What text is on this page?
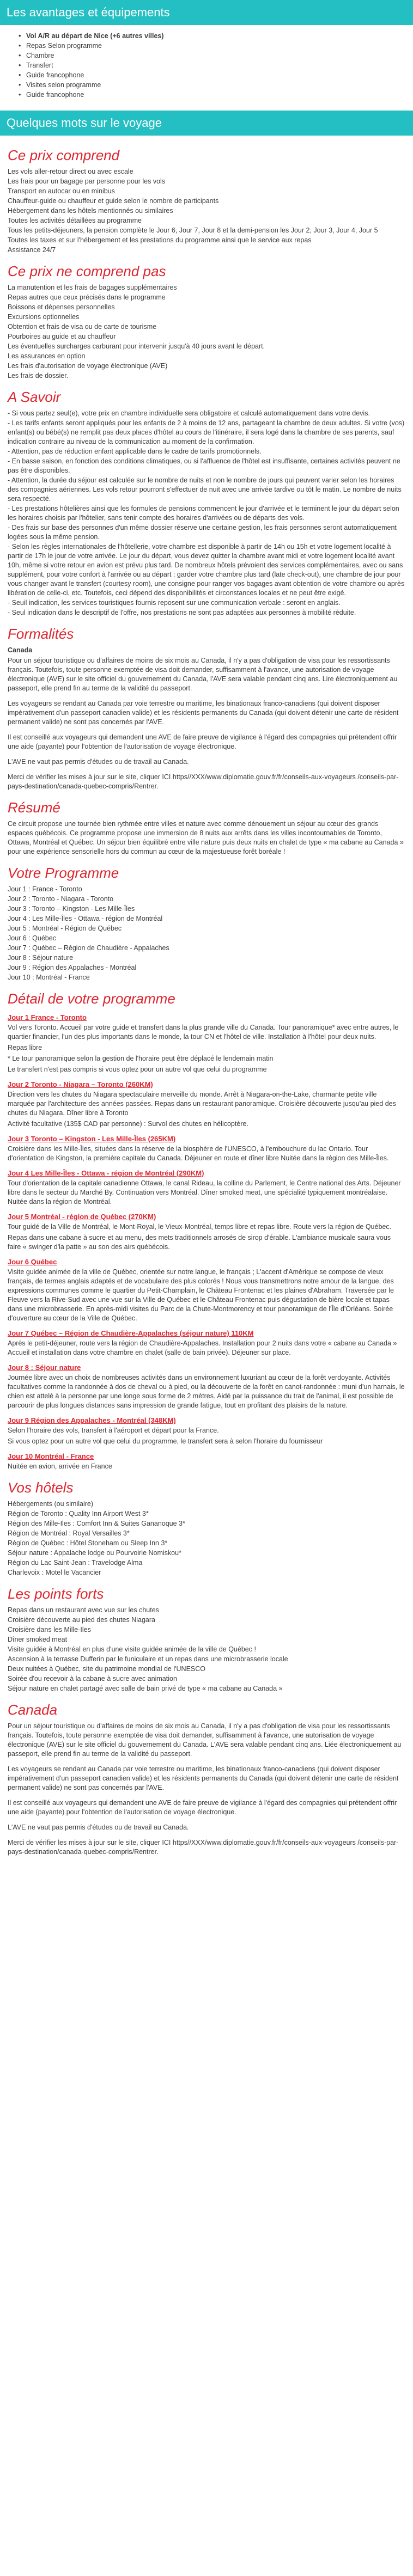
Les avantages et équipements
• Vol A/R au départ de Nice (+6 autres villes)
• Repas Selon programme
• Chambre
• Transfert
• Guide francophone
• Visites selon programme
• Guide francophone
Quelques mots sur le voyage
Ce prix comprend
Les vols aller-retour direct ou avec escale
Les frais pour un bagage par personne pour les vols
Transport en autocar ou en minibus
Chauffeur-guide ou chauffeur et guide selon le nombre de participants
Hébergement dans les hôtels mentionnés ou similaires
Toutes les activités détaillées au programme
Tous les petits-déjeuners, la pension complète le Jour 6, Jour 7, Jour 8 et la demi-pension les Jour 2, Jour 3, Jour 4, Jour 5
Toutes les taxes et sur l'hébergement et les prestations du programme ainsi que le service aux repas
Assistance 24/7
Ce prix ne comprend pas
La manutention et les frais de bagages supplémentaires
Repas autres que ceux précisés dans le programme
Boissons et dépenses personnelles
Excursions optionnelles
Obtention et frais de visa ou de carte de tourisme
Pourboires au guide et au chauffeur
Les éventuelles surcharges carburant pour intervenir jusqu'à 40 jours avant le départ.
Les assurances en option
Les frais d'autorisation de voyage électronique (AVE)
Les frais de dossier.
A Savoir
- Si vous partez seul(e), votre prix en chambre individuelle sera obligatoire et calculé automatiquement dans votre devis.
- Les tarifs enfants seront appliqués pour les enfants de 2 à moins de 12 ans, partageant la chambre de deux adultes. Si votre (vos) enfant(s) ou bébé(s) ne remplit pas deux places d'hôtel au cours de l'itinéraire, il sera logé dans la chambre de ses parents, sauf indication contraire au niveau de la communication au moment de la confirmation.
- Attention, pas de réduction enfant applicable dans le cadre de tarifs promotionnels.
- En basse saison, en fonction des conditions climatiques, ou si l'affluence de l'hôtel est insuffisante, certaines activités peuvent ne pas être disponibles.
- Attention, la durée du séjour est calculée sur le nombre de nuits et non le nombre de jours qui peuvent varier selon les horaires des compagnies aériennes. Les vols retour pourront s'effectuer de nuit avec une arrivée tardive ou tôt le matin. Le nombre de nuits sera respecté.
- Les prestations hôtelières ainsi que les formules de pensions commencent le jour d'arrivée et le terminent le jour du départ selon les horaires choisis par l'hôtelier, sans tenir compte des horaires d'arrivées ou de départs des vols.
- Des frais sur base des personnes d'un même dossier réserve une certaine gestion, les frais personnes seront automatiquement logées sous la même pension.
- Selon les règles internationales de l'hôtellerie, votre chambre est disponible à partir de 14h ou 15h et votre logement localité à partir de 17h le jour de votre arrivée. Le jour du départ, vous devez quitter la chambre avant midi et votre logement localité avant 10h, même si votre retour en avion est prévu plus tard. De nombreux hôtels prévoient des services complémentaires, avec ou sans supplément, pour votre confort à l'arrivée ou au départ : garder votre chambre plus tard (late check-out), une chambre de jour pour vous changer avant le transfert (courtesy room), une consigne pour ranger vos bagages avant obtention de votre chambre ou après libération de celle-ci, etc. Toutefois, ceci dépend des disponibilités et circonstances locales et ne peut être exigé.
- Seuil indication, les services touristiques fournis reposent sur une communication verbale : seront en anglais.
- Seul indication dans le descriptif de l'offre, nos prestations ne sont pas adaptées aux personnes à mobilité réduite.
Formalités
Canada

Pour un séjour touristique ou d'affaires de moins de six mois au Canada, il n'y a pas d'obligation de visa pour les ressortissants français. Toutefois, toute personne exemptée de visa doit demander, suffisamment à l'avance, une autorisation de voyage électronique (AVE) sur le site officiel du gouvernement du Canada, l'AVE sera valable pendant cinq ans. Lire électroniquement au passeport, elle prend fin au terme de la validité du passeport.

Les voyageurs se rendant au Canada par voie terrestre ou maritime, les binationaux franco-canadiens (qui doivent disposer impérativement d'un passeport canadien valide) et les résidents permanents du Canada (qui doivent détenir une carte de résident permanent valide) ne sont pas concernés par l'AVE.

Il est conseillé aux voyageurs qui demandent une AVE de faire preuve de vigilance à l'égard des compagnies qui prétendent offrir une aide (payante) pour l'obtention de l'autorisation de voyage électronique.

L'AVE ne vaut pas permis d'études ou de travail au Canada.

Merci de vérifier les mises à jour sur le site, cliquer ICI https//XXX/www.diplomatie.gouv.fr/fr/conseils-aux-voyageurs /conseils-par-pays-destination/canada-quebec-compris/Rentrer.

Résumé

Ce circuit propose une tournée bien rythmée entre villes et nature avec comme dénouement un séjour au cœur des grands espaces québécois. Ce programme propose une immersion de 8 nuits aux arrêts dans les villes incontournables de Toronto, Ottawa, Montréal et Québec. Un séjour bien équilibré entre ville nature puis deux nuits en chalet de type « ma cabane au Canada » pour une expérience sensorielle hors du commun au cœur de la majestueuse forêt boréale !

Votre Programme
Jour 1 : France - Toronto
Jour 2 : Toronto - Niagara - Toronto
Jour 3 : Toronto – Kingston - Les Mille-Îles
Jour 4 : Les Mille-Îles - Ottawa - région de Montréal
Jour 5 : Montréal - Région de Québec
Jour 6 : Québec
Jour 7 : Québec – Région de Chaudière - Appalaches
Jour 8 : Séjour nature
Jour 9 : Région des Appalaches - Montréal
Jour 10 : Montréal - France
Détail de votre programme
Jour 1 France - Toronto

Vol vers Toronto. Accueil par votre guide et transfert dans la plus grande ville du Canada. Tour panoramique* avec entre autres, le quartier financier, l'un des plus importants dans le monde, la tour CN et l'hôtel de ville. Installation à l'hôtel pour deux nuits.

Repas libre

* Le tour panoramique selon la gestion de l'horaire peut être déplacé le lendemain matin

Le transfert n'est pas compris si vous optez pour un autre vol que celui du programme

Jour 2 Toronto - Niagara – Toronto (260KM)

Direction vers les chutes du Niagara spectaculaire merveille du monde. Arrêt à Niagara-on-the-Lake, charmante petite ville marquée par l'architecture des années passées. Repas dans un restaurant panoramique. Croisière découverte jusqu'au pied des chutes du Niagara. Dîner libre à Toronto

Activité facultative (135$ CAD par personne) : Survol des chutes en hélicoptère.

Jour 3 Toronto – Kingston - Les Mille-Îles (265KM)

Croisière dans les Mille-Îles, situées dans la réserve de la biosphère de l'UNESCO, à l'embouchure du lac Ontario. Tour d'orientation de Kingston, la première capitale du Canada. Déjeuner en route et dîner libre Nuitée dans la région des Mille-Îles.

Jour 4 Les Mille-Îles - Ottawa - région de Montréal (290KM)

Tour d'orientation de la capitale canadienne Ottawa, le canal Rideau, la colline du Parlement, le Centre national des Arts. Déjeuner libre dans le secteur du Marché By. Continuation vers Montréal. Dîner smoked meat, une spécialité typiquement montréalaise. Nuitée dans la région de Montréal.

Jour 5 Montréal - région de Québec (270KM)

Tour guidé de la Ville de Montréal, le Mont-Royal, le Vieux-Montréal, temps libre et repas libre. Route vers la région de Québec.

Repas dans une cabane à sucre et au menu, des mets traditionnels arrosés de sirop d'érable. L'ambiance musicale saura vous faire « swinger d'la patte » au son des airs québécois.

Jour 6 Québec

Visite guidée animée de la ville de Québec, orientée sur notre langue, le français ; L'accent d'Amérique se compose de vieux français, de termes anglais adaptés et de vocabulaire des plus colorés ! Nous vous transmettrons notre amour de la langue, des expressions communes comme le quartier du Petit-Champlain, le Château Frontenac et les plaines d'Abraham. Traversée par le Fleuve vers la Rive-Sud avec une vue sur la Ville de Québec et le Château Frontenac puis dégustation de bière locale et tapas dans une microbrasserie. En après-midi visites du Parc de la Chute-Montmorency et tour panoramique de l'Île d'Orléans. Soirée d'ouverture au cœur de la Ville de Québec.

Jour 7 Québec – Région de Chaudière-Appalaches (séjour nature) 110KM

Après le petit-déjeuner, route vers la région de Chaudière-Appalaches. Installation pour 2 nuits dans votre « cabane au Canada » Accueil et installation dans votre chambre en chalet (salle de bain privée). Déjeuner sur place.

Jour 8 : Séjour nature

Journée libre avec un choix de nombreuses activités dans un environnement luxuriant au cœur de la forêt verdoyante. Activités facultatives comme la randonnée à dos de cheval ou à pied, ou la découverte de la forêt en canot-randonnée : muni d'un harnais, le chien est attelé à la personne par une longe sous forme de 2 mètres. Aidé par la puissance du trait de l'animal, il est possible de parcourir de plus longues distances sans impression de grande fatigue, tout en profitant des plaisirs de la nature.

Jour 9 Région des Appalaches - Montréal (348KM)

Selon l'horaire des vols, transfert à l'aéroport et départ pour la France.

Si vous optez pour un autre vol que celui du programme, le transfert sera à selon l'horaire du fournisseur

Jour 10 Montréal - France

Nuitée en avion, arrivée en France

Vos hôtels
Hébergements (ou similaire)
Région de Toronto : Quality Inn Airport West 3*
Région des Mille-Iles : Comfort Inn & Suites Gananoque 3*
Région de Montréal : Royal Versailles 3*
Région de Québec : Hôtel Stoneham ou Sleep Inn 3*
Séjour nature : Appalache lodge ou Pourvoirie Nomiskou*
Région du Lac Saint-Jean : Travelodge Alma
Charlevoix : Motel le Vacancier
Les points forts
Repas dans un restaurant avec vue sur les chutes
Croisière découverte au pied des chutes Niagara
Croisière dans les Mille-Iles
Dîner smoked meat
Visite guidée à Montréal en plus d'une visite guidée animée de la ville de Québec !
Ascension à la terrasse Dufferin par le funiculaire et un repas dans une microbrasserie locale
Deux nuitées à Québec, site du patrimoine mondial de l'UNESCO
Soirée d'ou recevoir à la cabane à sucre avec animation
Séjour nature en chalet partagé avec salle de bain privé de type « ma cabane au Canada »
Canada

Pour un séjour touristique ou d'affaires de moins de six mois au Canada, il n'y a pas d'obligation de visa pour les ressortissants français. Toutefois, toute personne exemptée de visa doit demander, suffisamment à l'avance, une autorisation de voyage électronique (AVE) sur le site officiel du gouvernement du Canada. L'AVE sera valable pendant cinq ans. Liée électroniquement au passeport, elle prend fin au terme de la validité du passeport.

Les voyageurs se rendant au Canada par voie terrestre ou maritime, les binationaux franco-canadiens (qui doivent disposer impérativement d'un passeport canadien valide) et les résidents permanents du Canada (qui doivent détenir une carte de résident permanent valide) ne sont pas concernés par l'AVE.

Il est conseillé aux voyageurs qui demandent une AVE de faire preuve de vigilance à l'égard des compagnies qui prétendent offrir une aide (payante) pour l'obtention de l'autorisation de voyage électronique.

L'AVE ne vaut pas permis d'études ou de travail au Canada.

Merci de vérifier les mises à jour sur le site, cliquer ICI https//XXX/www.diplomatie.gouv.fr/fr/conseils-aux-voyageurs /conseils-par-pays-destination/canada-quebec-compris/Rentrer.
